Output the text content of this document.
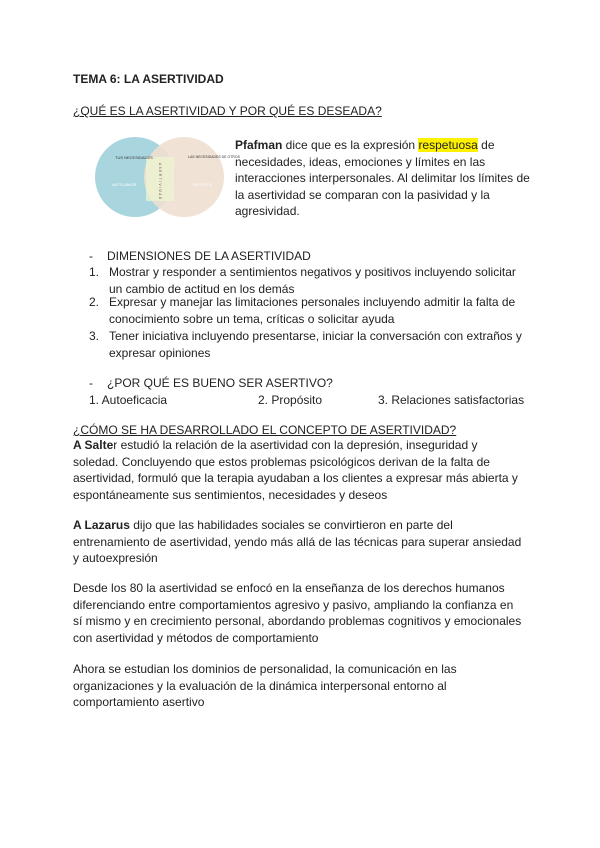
TEMA 6: LA ASERTIVIDAD
¿QUÉ ES LA ASERTIVIDAD Y POR QUÉ ES DESEADA?
TUS NECESIDADES
AUTO-AMOR	ASERTIVIDAD
LAS NECESIDADES DE OTROS
RESPETO
Pfafman dice que es la expresión respetuosa de necesidades, ideas, emociones y límites en las interacciones interpersonales. Al delimitar los límites de la asertividad se comparan con la pasividad y la agresividad.
- DIMENSIONES DE LA ASERTIVIDAD
1. Mostrar y responder a sentimientos negativos y positivos incluyendo solicitar
un cambio de actitud en los demás
2. Expresar y manejar las limitaciones personales incluyendo admitir la falta de
conocimiento sobre un tema, críticas o solicitar ayuda
3. Tener iniciativa incluyendo presentarse, iniciar la conversación con extraños y
expresar opiniones
- ¿POR QUÉ ES BUENO SER ASERTIVO?
1. Autoeficacia	2. Propósito	3. Relaciones satisfactorias
¿CÓMO SE HA DESARROLLADO EL CONCEPTO DE ASERTIVIDAD?
A Salter estudió la relación de la asertividad con la depresión, inseguridad y
soledad. Concluyendo que estos problemas psicológicos derivan de la falta de
asertividad, formuló que la terapia ayudaban a los clientes a expresar más abierta y
espontáneamente sus sentimientos, necesidades y deseos
A Lazarus dijo que las habilidades sociales se convirtieron en parte del
entrenamiento de asertividad, yendo más allá de las técnicas para superar ansiedad
y autoexpresión
Desde los 80 la asertividad se enfocó en la enseñanza de los derechos humanos
diferenciando entre comportamientos agresivo y pasivo, ampliando la confianza en
sí mismo y en crecimiento personal, abordando problemas cognitivos y emocionales
con asertividad y métodos de comportamiento
Ahora se estudian los dominios de personalidad, la comunicación en las
organizaciones y la evaluación de la dinámica interpersonal entorno al
comportamiento asertivo
